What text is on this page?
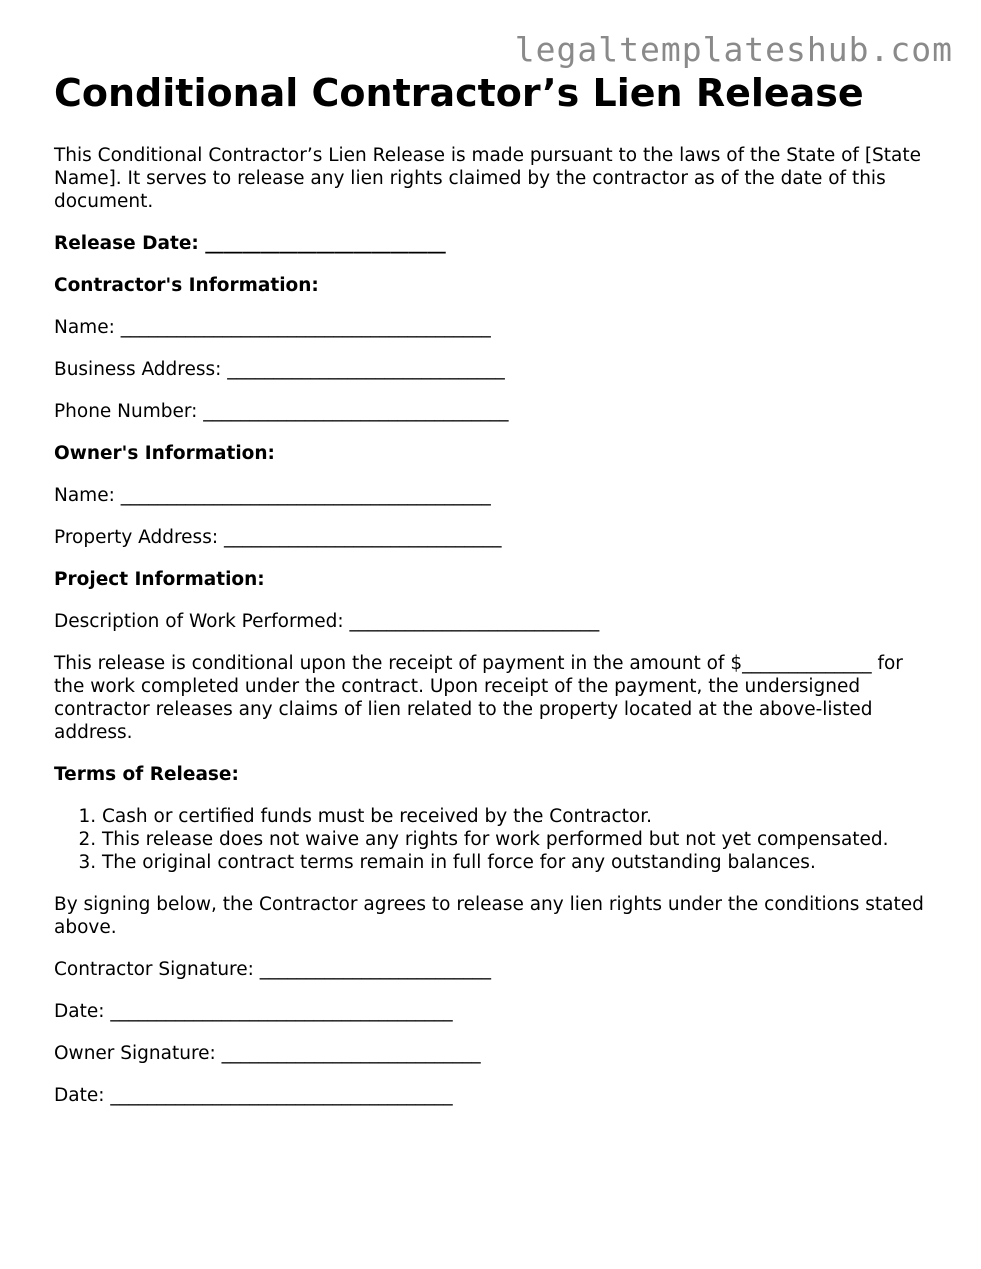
legaltemplateshub.com
Conditional Contractor’s Lien Release

This Conditional Contractor’s Lien Release is made pursuant to the laws of the State of [State Name]. It serves to release any lien rights claimed by the contractor as of the date of this document.

Release Date: __________________________

Contractor's Information:

Name: ________________________________________

Business Address: ______________________________

Phone Number: _________________________________

Owner's Information:

Name: ________________________________________

Property Address: ______________________________

Project Information:

Description of Work Performed: ___________________________

This release is conditional upon the receipt of payment in the amount of $______________ for the work completed under the contract. Upon receipt of the payment, the undersigned contractor releases any claims of lien related to the property located at the above-listed address.

Terms of Release:

1. Cash or certified funds must be received by the Contractor.
2. This release does not waive any rights for work performed but not yet compensated.
3. The original contract terms remain in full force for any outstanding balances.

By signing below, the Contractor agrees to release any lien rights under the conditions stated above.

Contractor Signature: _________________________

Date: _____________________________________

Owner Signature: ____________________________

Date: _____________________________________
